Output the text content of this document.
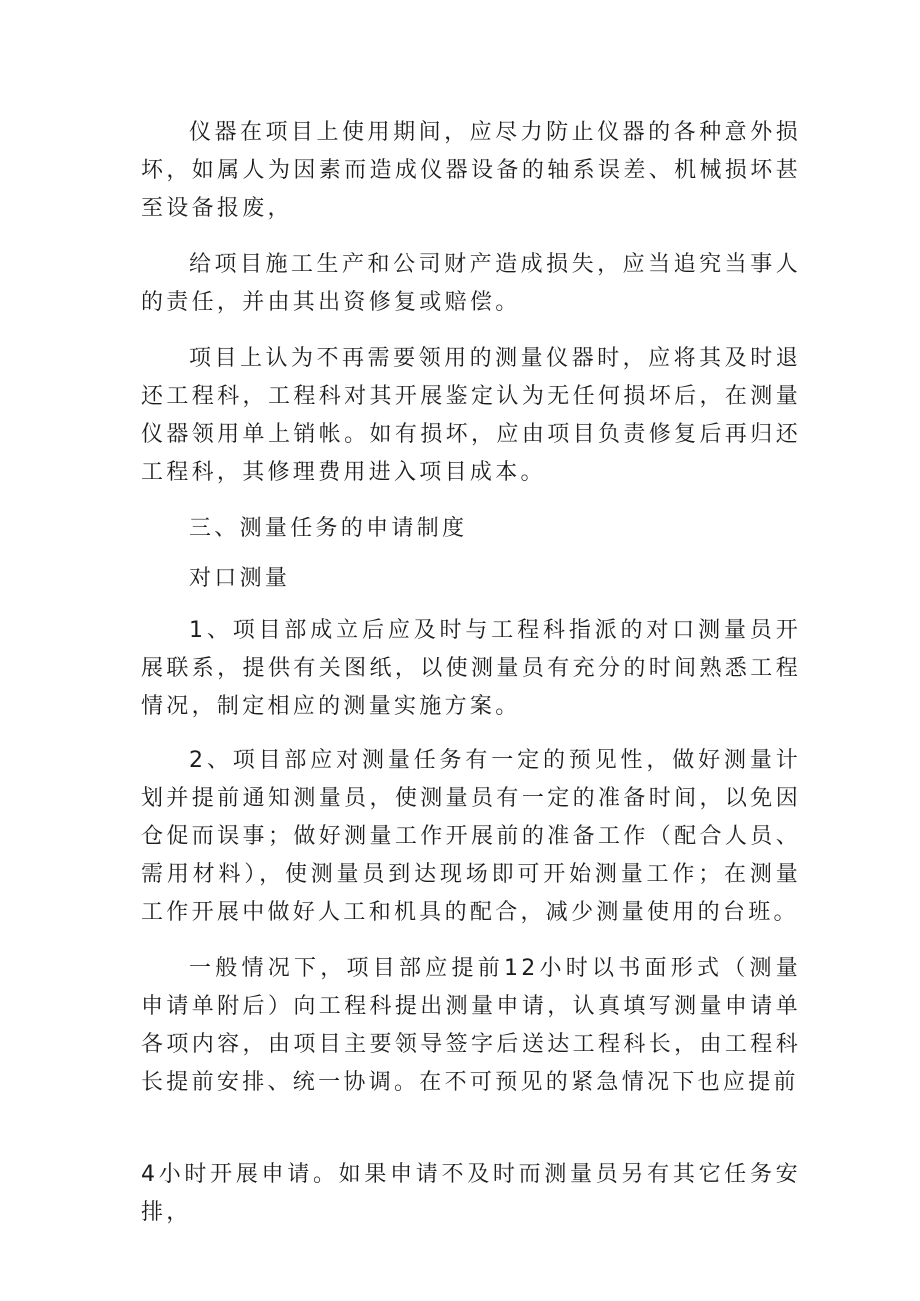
仪器在项目上使用期间，应尽力防止仪器的各种意外损坏，如属人为因素而造成仪器设备的轴系误差、机械损坏甚至设备报废，

给项目施工生产和公司财产造成损失，应当追究当事人的责任，并由其出资修复或赔偿。

项目上认为不再需要领用的测量仪器时，应将其及时退还工程科，工程科对其开展鉴定认为无任何损坏后，在测量仪器领用单上销帐。如有损坏，应由项目负责修复后再归还工程科，其修理费用进入项目成本。

三、测量任务的申请制度

对口测量

1、项目部成立后应及时与工程科指派的对口测量员开展联系，提供有关图纸，以使测量员有充分的时间熟悉工程情况，制定相应的测量实施方案。

2、项目部应对测量任务有一定的预见性，做好测量计划并提前通知测量员，使测量员有一定的准备时间，以免因仓促而误事；做好测量工作开展前的准备工作（配合人员、需用材料），使测量员到达现场即可开始测量工作；在测量工作开展中做好人工和机具的配合，减少测量使用的台班。

一般情况下，项目部应提前12小时以书面形式（测量申请单附后）向工程科提出测量申请，认真填写测量申请单各项内容，由项目主要领导签字后送达工程科长，由工程科长提前安排、统一协调。在不可预见的紧急情况下也应提前

4小时开展申请。如果申请不及时而测量员另有其它任务安排，
